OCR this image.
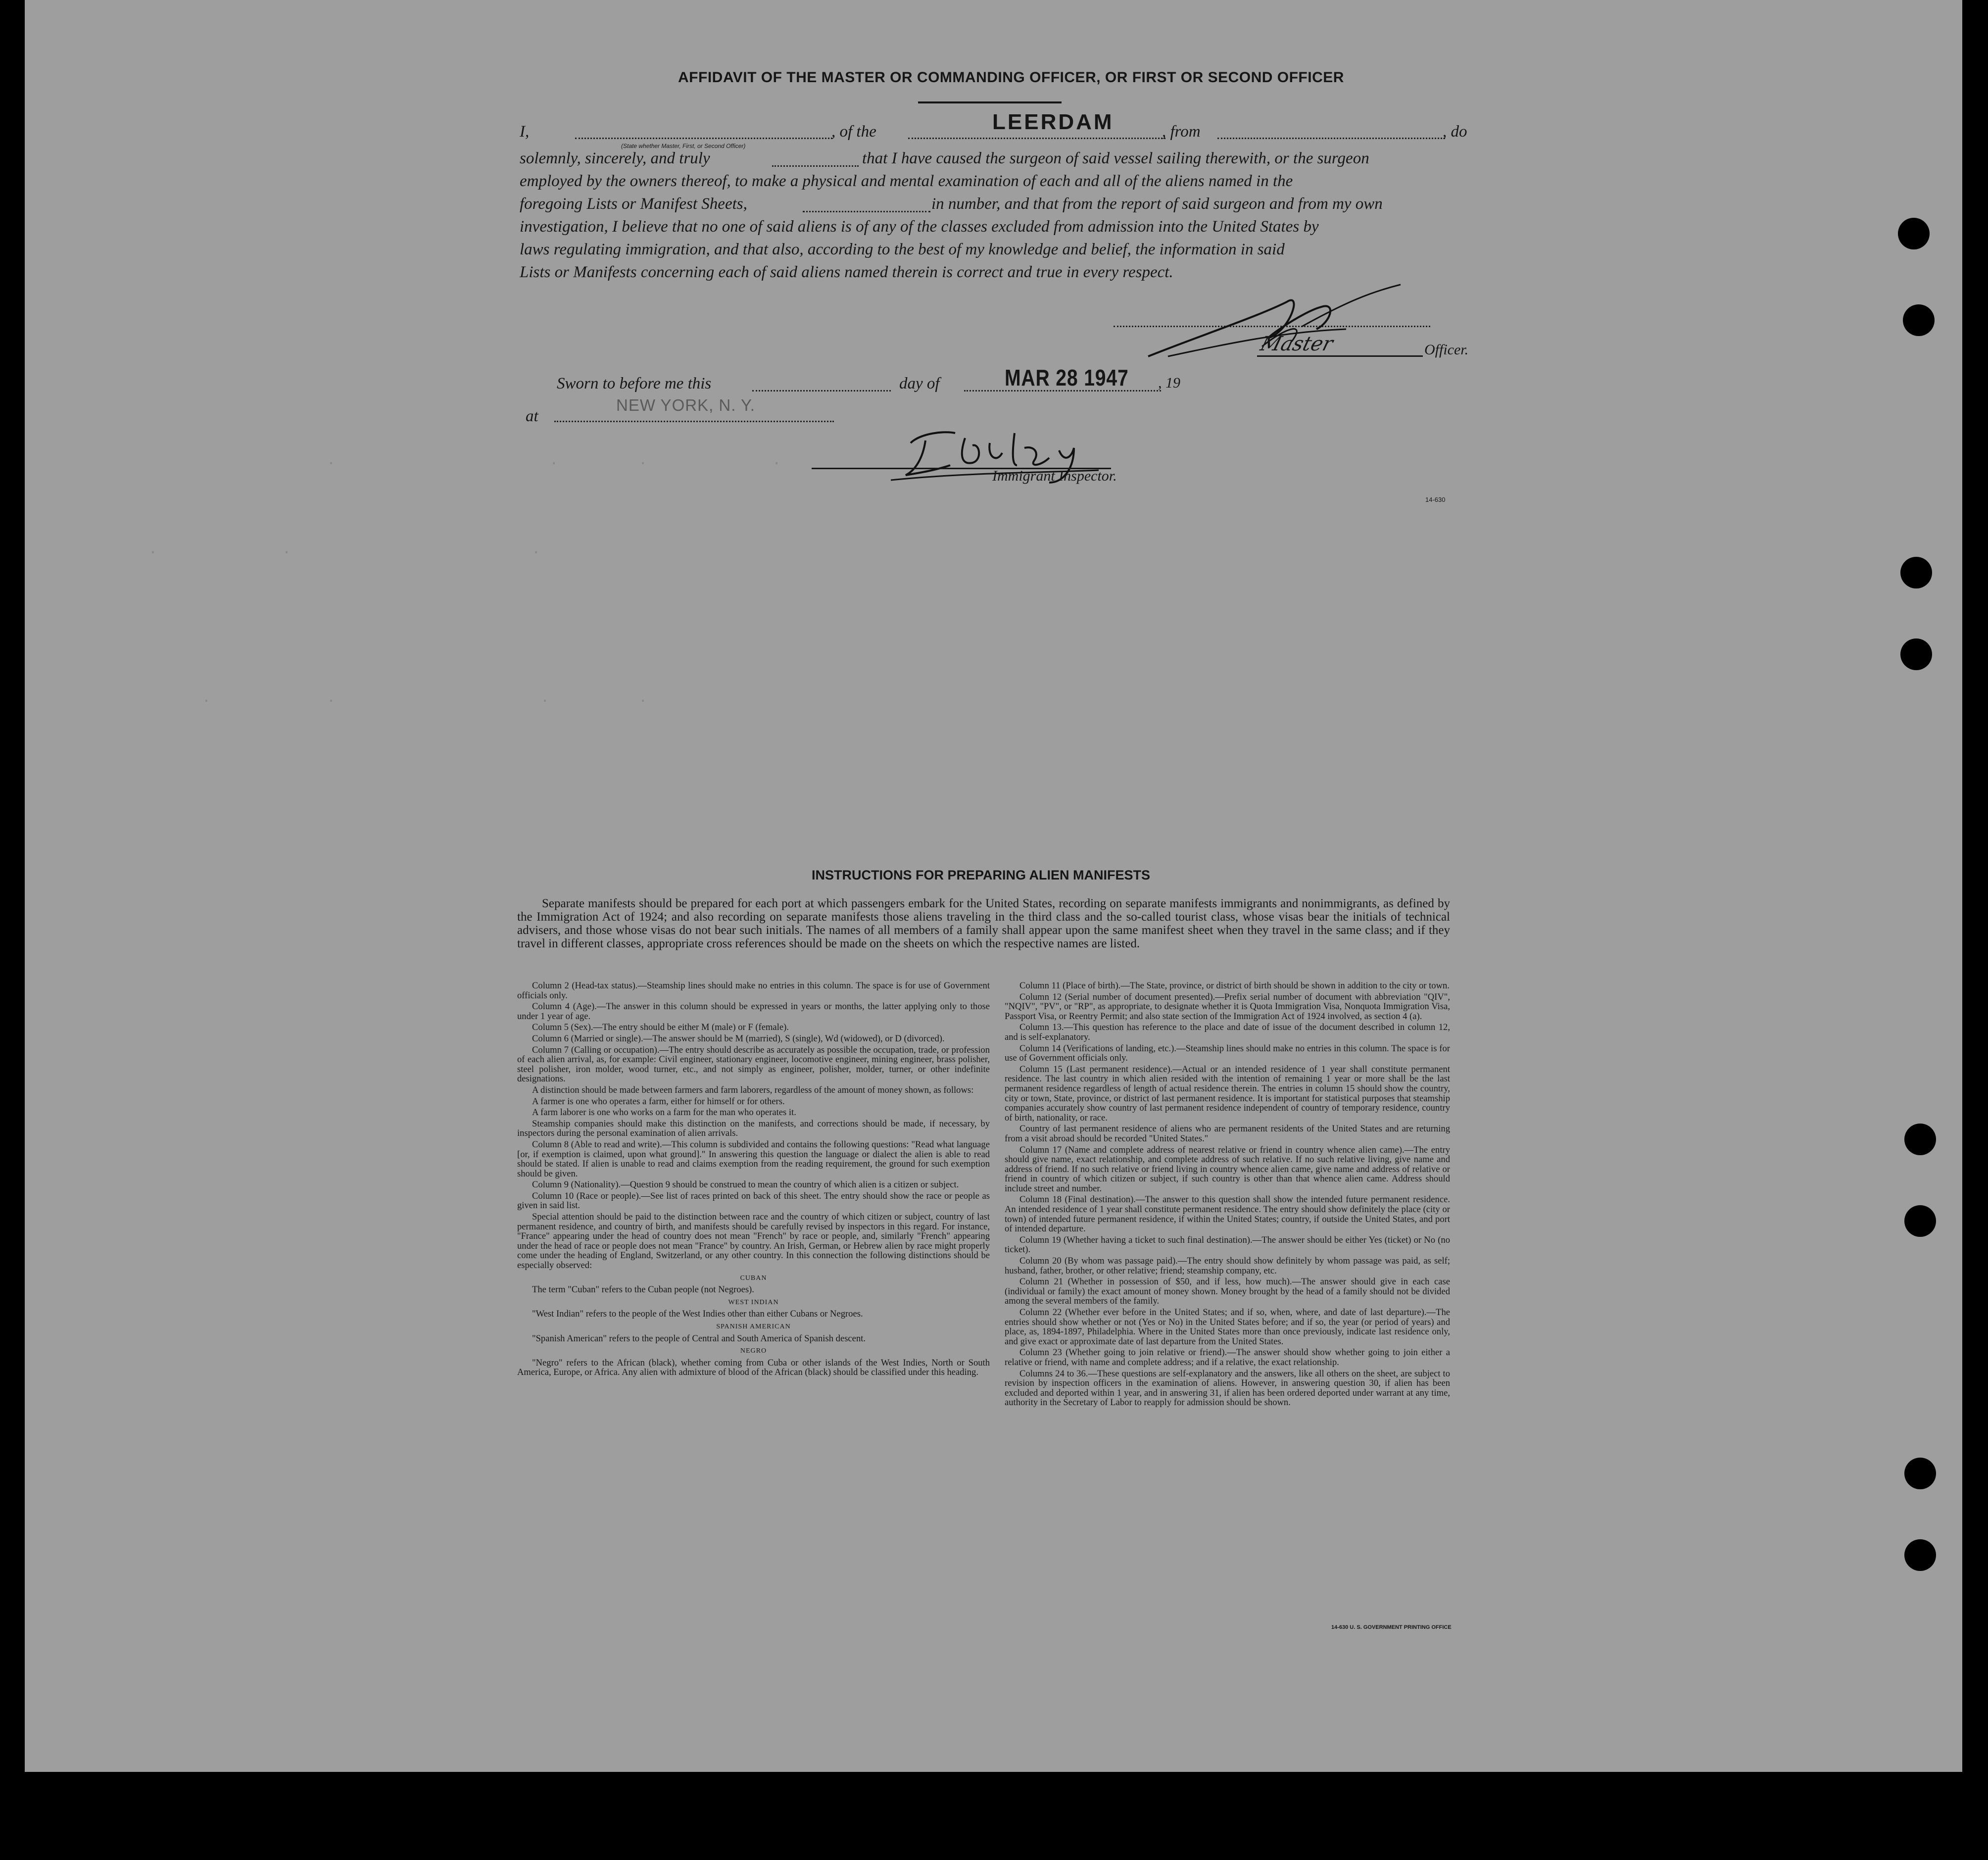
·                        ·         ·              ·
·              ·                           ·
·             ·                       ·          ·
AFFIDAVIT OF THE MASTER OR COMMANDING OFFICER, OR FIRST OR SECOND OFFICER
I,
(State whether Master, First, or Second Officer)
, of the	LEERDAM	, from	, do
solemnly, sincerely, and truly	that I have caused the surgeon of said vessel sailing therewith, or the surgeon
employed by the owners thereof, to make a physical and mental examination of each and all of the aliens named in the
foregoing Lists or Manifest Sheets,	in number, and that from the report of said surgeon and from my own
investigation, I believe that no one of said aliens is of any of the classes excluded from admission into the United States by
laws regulating immigration, and that also, according to the best of my knowledge and belief, the information in said
Lists or Manifests concerning each of said aliens named therein is correct and true in every respect.
Master	Officer.
Sworn to before me this	day of	MAR 28 1947 , 19
at
NEW YORK, N. Y.
Immigrant Inspector.
14-630
INSTRUCTIONS FOR PREPARING ALIEN MANIFESTS

Separate manifests should be prepared for each port at which passengers embark for the United States, recording on separate manifests immigrants and nonimmigrants, as defined by the Immigration Act of 1924; and also recording on separate manifests those aliens traveling in the third class and the so-called tourist class, whose visas bear the initials of technical advisers, and those whose visas do not bear such initials. The names of all members of a family shall appear upon the same manifest sheet when they travel in the same class; and if they travel in different classes, appropriate cross references should be made on the sheets on which the respective names are listed.

Column 2 (Head-tax status).—Steamship lines should make no entries in this column. The space is for use of Government officials only.

Column 4 (Age).—The answer in this column should be expressed in years or months, the latter applying only to those under 1 year of age.

Column 5 (Sex).—The entry should be either M (male) or F (female).

Column 6 (Married or single).—The answer should be M (married), S (single), Wd (widowed), or D (divorced).

Column 7 (Calling or occupation).—The entry should describe as accurately as possible the occupation, trade, or profession of each alien arrival, as, for example: Civil engineer, stationary engineer, locomotive engineer, mining engineer, brass polisher, steel polisher, iron molder, wood turner, etc., and not simply as engineer, polisher, molder, turner, or other indefinite designations.

A distinction should be made between farmers and farm laborers, regardless of the amount of money shown, as follows:

A farmer is one who operates a farm, either for himself or for others.

A farm laborer is one who works on a farm for the man who operates it.

Steamship companies should make this distinction on the manifests, and corrections should be made, if necessary, by inspectors during the personal examination of alien arrivals.

Column 8 (Able to read and write).—This column is subdivided and contains the following questions: "Read what language [or, if exemption is claimed, upon what ground]." In answering this question the language or dialect the alien is able to read should be stated. If alien is unable to read and claims exemption from the reading requirement, the ground for such exemption should be given.

Column 9 (Nationality).—Question 9 should be construed to mean the country of which alien is a citizen or subject.

Column 10 (Race or people).—See list of races printed on back of this sheet. The entry should show the race or people as given in said list.

Special attention should be paid to the distinction between race and the country of which citizen or subject, country of last permanent residence, and country of birth, and manifests should be carefully revised by inspectors in this regard. For instance, "France" appearing under the head of country does not mean "French" by race or people, and, similarly "French" appearing under the head of race or people does not mean "France" by country. An Irish, German, or Hebrew alien by race might properly come under the heading of England, Switzerland, or any other country. In this connection the following distinctions should be especially observed:

CUBAN

The term "Cuban" refers to the Cuban people (not Negroes).

WEST INDIAN

"West Indian" refers to the people of the West Indies other than either Cubans or Negroes.

SPANISH AMERICAN

"Spanish American" refers to the people of Central and South America of Spanish descent.

NEGRO

"Negro" refers to the African (black), whether coming from Cuba or other islands of the West Indies, North or South America, Europe, or Africa. Any alien with admixture of blood of the African (black) should be classified under this heading.

Column 11 (Place of birth).—The State, province, or district of birth should be shown in addition to the city or town.

Column 12 (Serial number of document presented).—Prefix serial number of document with abbreviation "QIV", "NQIV", "PV", or "RP", as appropriate, to designate whether it is Quota Immigration Visa, Nonquota Immigration Visa, Passport Visa, or Reentry Permit; and also state section of the Immigration Act of 1924 involved, as section 4 (a).

Column 13.—This question has reference to the place and date of issue of the document described in column 12, and is self-explanatory.

Column 14 (Verifications of landing, etc.).—Steamship lines should make no entries in this column. The space is for use of Government officials only.

Column 15 (Last permanent residence).—Actual or an intended residence of 1 year shall constitute permanent residence. The last country in which alien resided with the intention of remaining 1 year or more shall be the last permanent residence regardless of length of actual residence therein. The entries in column 15 should show the country, city or town, State, province, or district of last permanent residence. It is important for statistical purposes that steamship companies accurately show country of last permanent residence independent of country of temporary residence, country of birth, nationality, or race.

Country of last permanent residence of aliens who are permanent residents of the United States and are returning from a visit abroad should be recorded "United States."

Column 17 (Name and complete address of nearest relative or friend in country whence alien came).—The entry should give name, exact relationship, and complete address of such relative. If no such relative living, give name and address of friend. If no such relative or friend living in country whence alien came, give name and address of relative or friend in country of which citizen or subject, if such country is other than that whence alien came. Address should include street and number.

Column 18 (Final destination).—The answer to this question shall show the intended future permanent residence. An intended residence of 1 year shall constitute permanent residence. The entry should show definitely the place (city or town) of intended future permanent residence, if within the United States; country, if outside the United States, and port of intended departure.

Column 19 (Whether having a ticket to such final destination).—The answer should be either Yes (ticket) or No (no ticket).

Column 20 (By whom was passage paid).—The entry should show definitely by whom passage was paid, as self; husband, father, brother, or other relative; friend; steamship company, etc.

Column 21 (Whether in possession of $50, and if less, how much).—The answer should give in each case (individual or family) the exact amount of money shown. Money brought by the head of a family should not be divided among the several members of the family.

Column 22 (Whether ever before in the United States; and if so, when, where, and date of last departure).—The entries should show whether or not (Yes or No) in the United States before; and if so, the year (or period of years) and place, as, 1894-1897, Philadelphia. Where in the United States more than once previously, indicate last residence only, and give exact or approximate date of last departure from the United States.

Column 23 (Whether going to join relative or friend).—The answer should show whether going to join either a relative or friend, with name and complete address; and if a relative, the exact relationship.

Columns 24 to 36.—These questions are self-explanatory and the answers, like all others on the sheet, are subject to revision by inspection officers in the examination of aliens. However, in answering question 30, if alien has been excluded and deported within 1 year, and in answering 31, if alien has been ordered deported under warrant at any time, authority in the Secretary of Labor to reapply for admission should be shown.

14-630 U. S. GOVERNMENT PRINTING OFFICE
